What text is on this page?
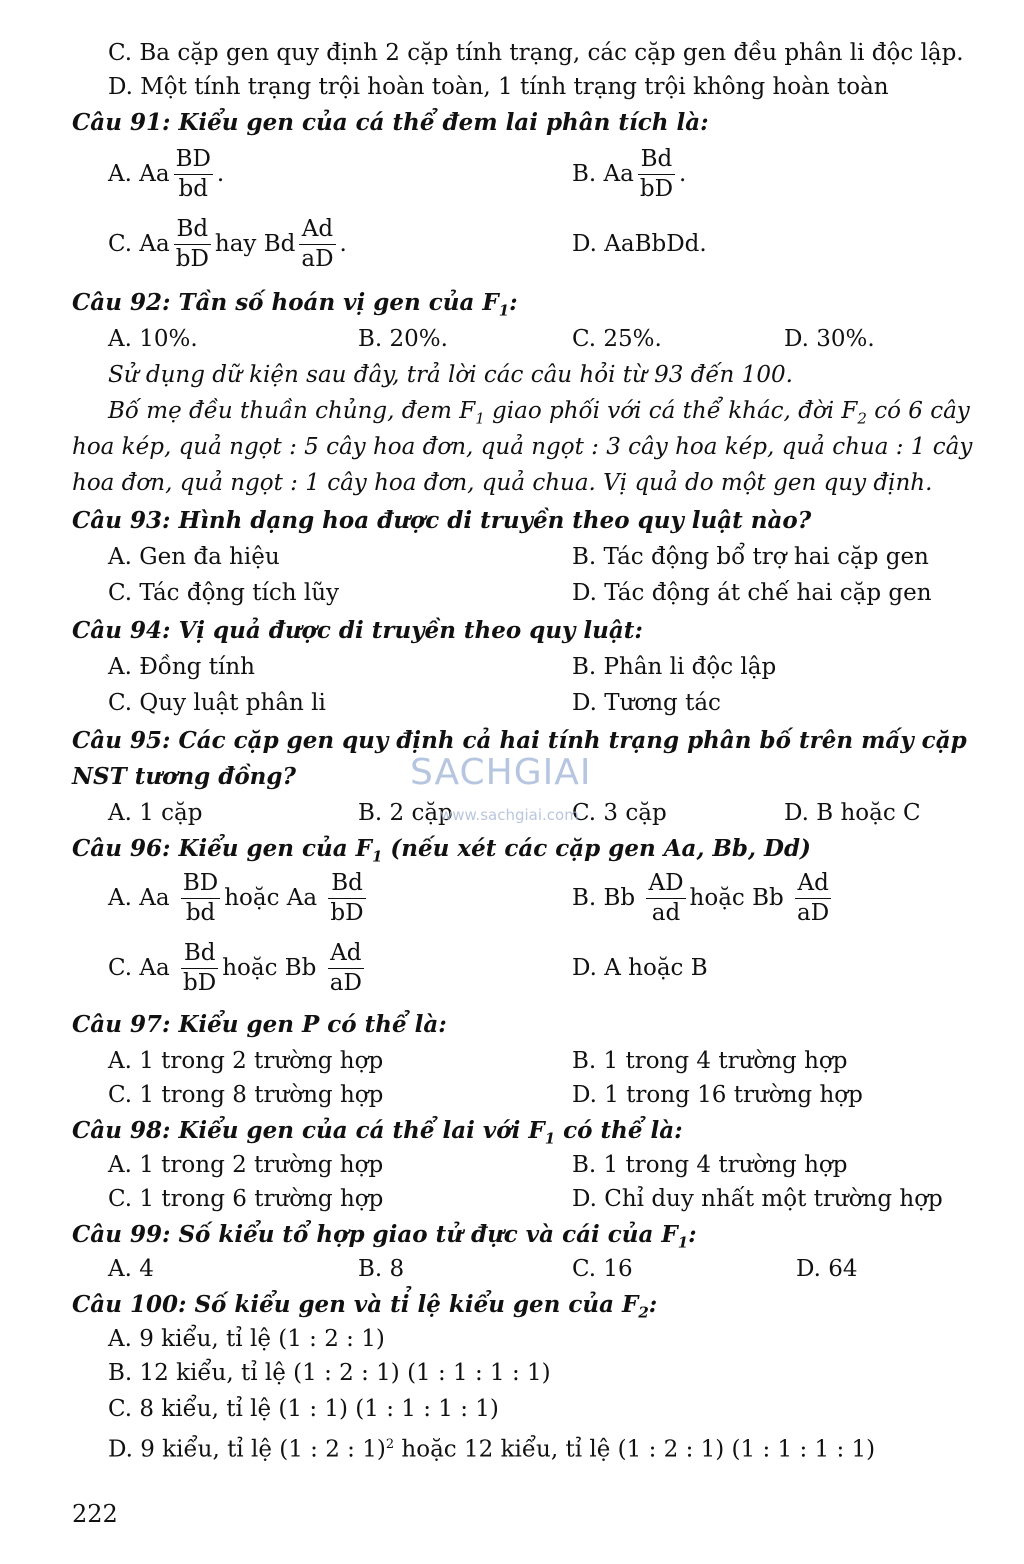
C. Ba cặp gen quy định 2 cặp tính trạng, các cặp gen đều phân li độc lập.
D. Một tính trạng trội hoàn toàn, 1 tính trạng trội không hoàn toàn
Câu 91: Kiểu gen của cá thể đem lai phân tích là:
A. Aa $\frac{BD}{bd}$ .	B. Aa $\frac{Bd}{bD}$ .
C. Aa $\frac{Bd}{bD}$ hay Bd $\frac{Ad}{aD}$ .	D. AaBbDd.
Câu 92: Tần số hoán vị gen của $F_1$:
A. 10%.	B. 20%.	C. 25%.	D. 30%.
Sử dụng dữ kiện sau đây, trả lời các câu hỏi từ 93 đến 100.
Bố mẹ đều thuần chủng, đem $F_1$ giao phối với cá thể khác, đời $F_2$ có 6 cây
hoa kép, quả ngọt : 5 cây hoa đơn, quả ngọt : 3 cây hoa kép, quả chua : 1 cây
hoa đơn, quả ngọt : 1 cây hoa đơn, quả chua. Vị quả do một gen quy định.
Câu 93: Hình dạng hoa được di truyền theo quy luật nào?
A. Gen đa hiệu	B. Tác động bổ trợ hai cặp gen
C. Tác động tích lũy	D. Tác động át chế hai cặp gen
Câu 94: Vị quả được di truyền theo quy luật:
A. Đồng tính	B. Phân li độc lập
C. Quy luật phân li	D. Tương tác
Câu 95: Các cặp gen quy định cả hai tính trạng phân bố trên mấy cặp
NST tương đồng?
A. 1 cặp	B. 2 cặp	C. 3 cặp	D. B hoặc C
Câu 96: Kiểu gen của $F_1$ (nếu xét các cặp gen Aa, Bb, Dd)
A. Aa
$\frac{BD}{bd}$ hoặc Aa
$\frac{Bd}{bD}$	B. Bb
$\frac{AD}{ad}$ hoặc Bb
$\frac{Ad}{aD}$
C. Aa
$\frac{Bd}{bD}$ hoặc Bb
$\frac{Ad}{aD}$	D. A hoặc B
Câu 97: Kiểu gen P có thể là:
A. 1 trong 2 trường hợp	B. 1 trong 4 trường hợp
C. 1 trong 8 trường hợp	D. 1 trong 16 trường hợp
Câu 98: Kiểu gen của cá thể lai với $F_1$ có thể là:
A. 1 trong 2 trường hợp	B. 1 trong 4 trường hợp
C. 1 trong 6 trường hợp	D. Chỉ duy nhất một trường hợp
Câu 99: Số kiểu tổ hợp giao tử đực và cái của $F_1$:
A. 4	B. 8	C. 16	D. 64
Câu 100: Số kiểu gen và tỉ lệ kiểu gen của $F_2$:
A. 9 kiểu, tỉ lệ (1 : 2 : 1)
B. 12 kiểu, tỉ lệ (1 : 2 : 1) (1 : 1 : 1 : 1)
C. 8 kiểu, tỉ lệ (1 : 1) (1 : 1 : 1 : 1)
D. 9 kiểu, tỉ lệ (1 : 2 : 1)$^2$ hoặc 12 kiểu, tỉ lệ (1 : 2 : 1) (1 : 1 : 1 : 1)
SACHGIAI
www.sachgiai.com
222
